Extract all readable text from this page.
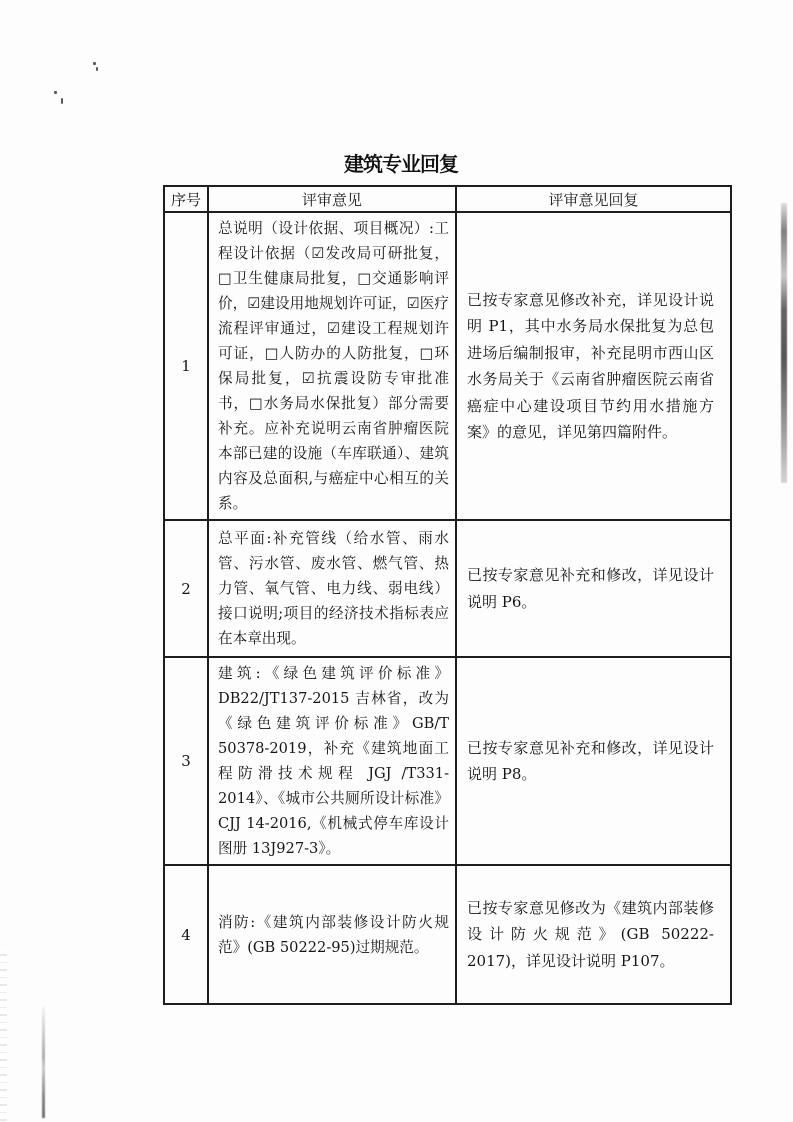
建筑专业回复
序号	评审意见	评审意见回复
1	总说明（设计依据、项目概况）:工程设计依据（☑发改局可研批复，□卫生健康局批复，□交通影响评价，☑建设用地规划许可证，☑医疗流程评审通过，☑建设工程规划许可证，□人防办的人防批复，□环保局批复，☑抗震设防专审批准书，□水务局水保批复）部分需要补充。应补充说明云南省肿瘤医院本部已建的设施（车库联通）、建筑内容及总面积,与癌症中心相互的关系。	已按专家意见修改补充，详见设计说明 P1，其中水务局水保批复为总包进场后编制报审，补充昆明市西山区水务局关于《云南省肿瘤医院云南省癌症中心建设项目节约用水措施方案》的意见，详见第四篇附件。

2	总平面:补充管线（给水管、雨水管、污水管、废水管、燃气管、热力管、氧气管、电力线、弱电线）接口说明;项目的经济技术指标表应在本章出现。	已按专家意见补充和修改，详见设计说明 P6。

3	建筑:《绿色建筑评价标准》DB22/JT137-2015 吉林省，改为《绿色建筑评价标准》GB/T 50378-2019，补充《建筑地面工程防滑技术规程 JGJ /T331-2014》、《城市公共厕所设计标准》CJJ 14-2016,《机械式停车库设计图册 13J927-3》。	已按专家意见补充和修改，详见设计说明 P8。

4	消防:《建筑内部装修设计防火规范》(GB 50222-95)过期规范。	已按专家意见修改为《建筑内部装修设计防火规范》(GB 50222-2017)，详见设计说明 P107。
